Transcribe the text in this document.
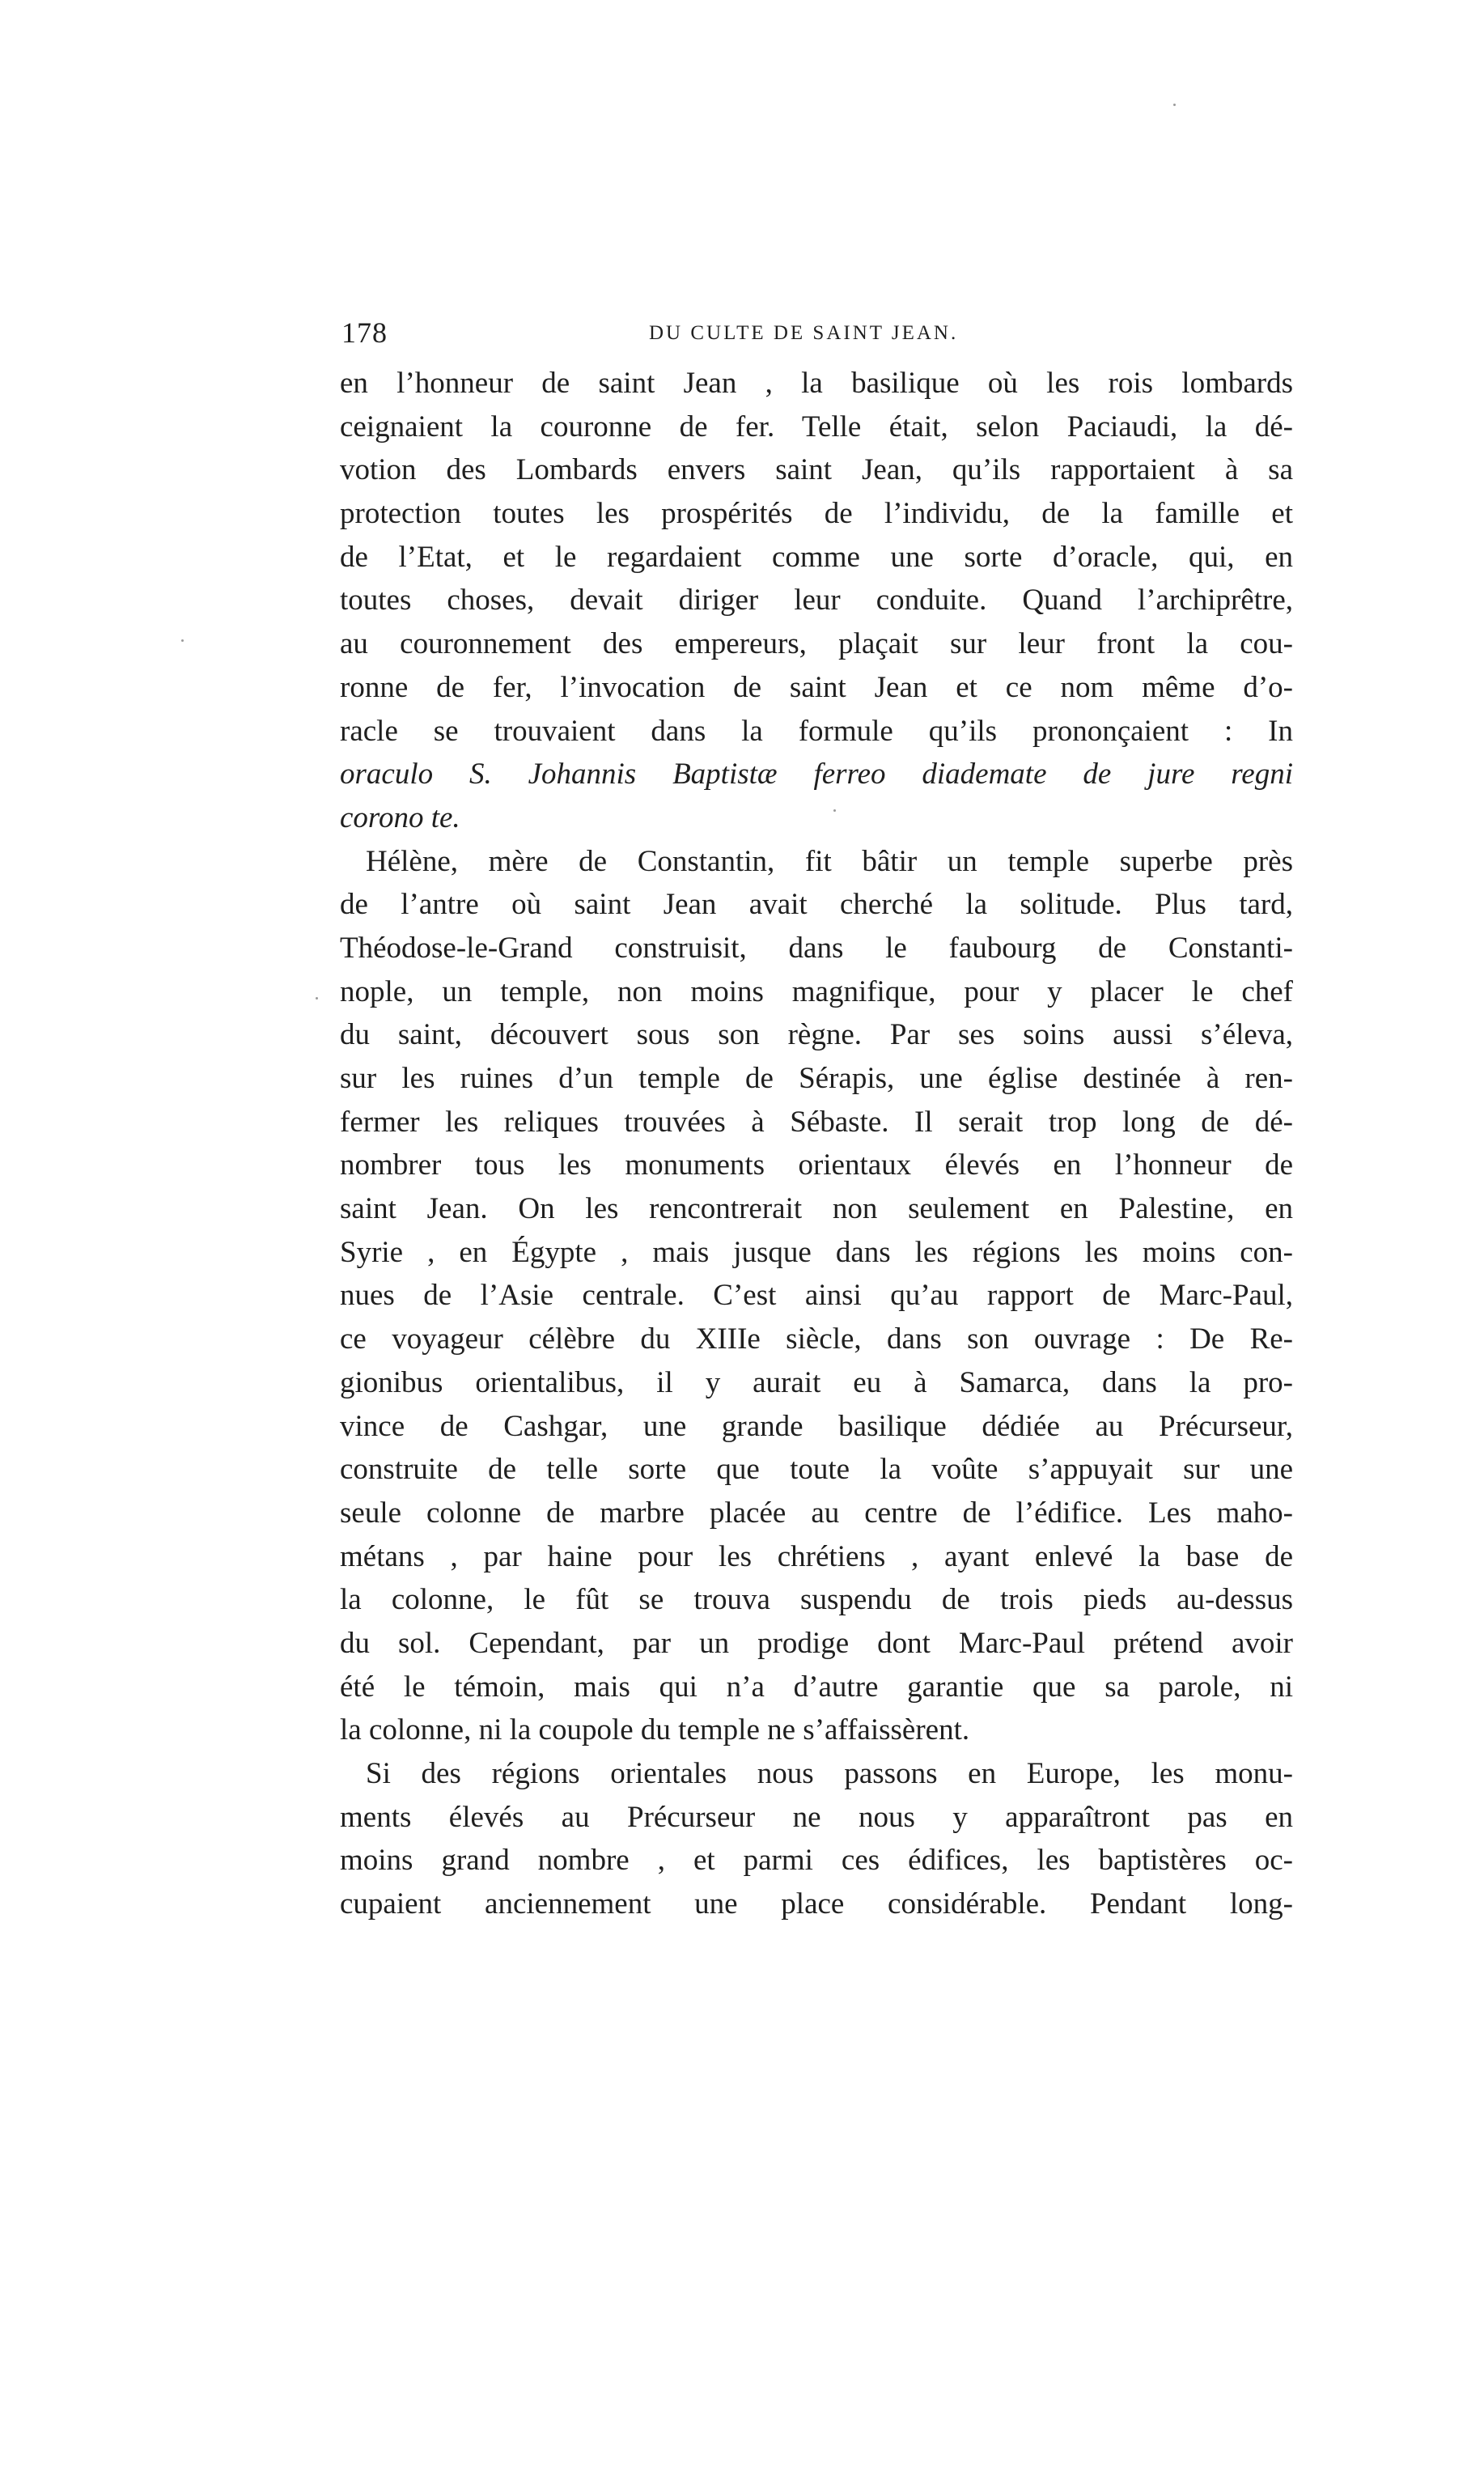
178	DU CULTE DE SAINT JEAN.
en l’honneur de saint Jean , la basilique où les rois lombards
ceignaient la couronne de fer. Telle était, selon Paciaudi, la dé-
votion des Lombards envers saint Jean, qu’ils rapportaient à sa
protection toutes les prospérités de l’individu, de la famille et
de l’Etat, et le regardaient comme une sorte d’oracle, qui, en
toutes choses, devait diriger leur conduite. Quand l’archiprêtre,
au couronnement des empereurs, plaçait sur leur front la cou-
ronne de fer, l’invocation de saint Jean et ce nom même d’o-
racle se trouvaient dans la formule qu’ils prononçaient : In
oraculo S. Johannis Baptistæ ferreo diademate de jure regni
corono te.
Hélène, mère de Constantin, fit bâtir un temple superbe près
de l’antre où saint Jean avait cherché la solitude. Plus tard,
Théodose-le-Grand construisit, dans le faubourg de Constanti-
nople, un temple, non moins magnifique, pour y placer le chef
du saint, découvert sous son règne. Par ses soins aussi s’éleva,
sur les ruines d’un temple de Sérapis, une église destinée à ren-
fermer les reliques trouvées à Sébaste. Il serait trop long de dé-
nombrer tous les monuments orientaux élevés en l’honneur de
saint Jean. On les rencontrerait non seulement en Palestine, en
Syrie , en Égypte , mais jusque dans les régions les moins con-
nues de l’Asie centrale. C’est ainsi qu’au rapport de Marc-Paul,
ce voyageur célèbre du XIIIe siècle, dans son ouvrage : De Re-
gionibus orientalibus, il y aurait eu à Samarca, dans la pro-
vince de Cashgar, une grande basilique dédiée au Précurseur,
construite de telle sorte que toute la voûte s’appuyait sur une
seule colonne de marbre placée au centre de l’édifice. Les maho-
métans , par haine pour les chrétiens , ayant enlevé la base de
la colonne, le fût se trouva suspendu de trois pieds au-dessus
du sol. Cependant, par un prodige dont Marc-Paul prétend avoir
été le témoin, mais qui n’a d’autre garantie que sa parole, ni
la colonne, ni la coupole du temple ne s’affaissèrent.
Si des régions orientales nous passons en Europe, les monu-
ments élevés au Précurseur ne nous y apparaîtront pas en
moins grand nombre , et parmi ces édifices, les baptistères oc-
cupaient anciennement une place considérable. Pendant long-
